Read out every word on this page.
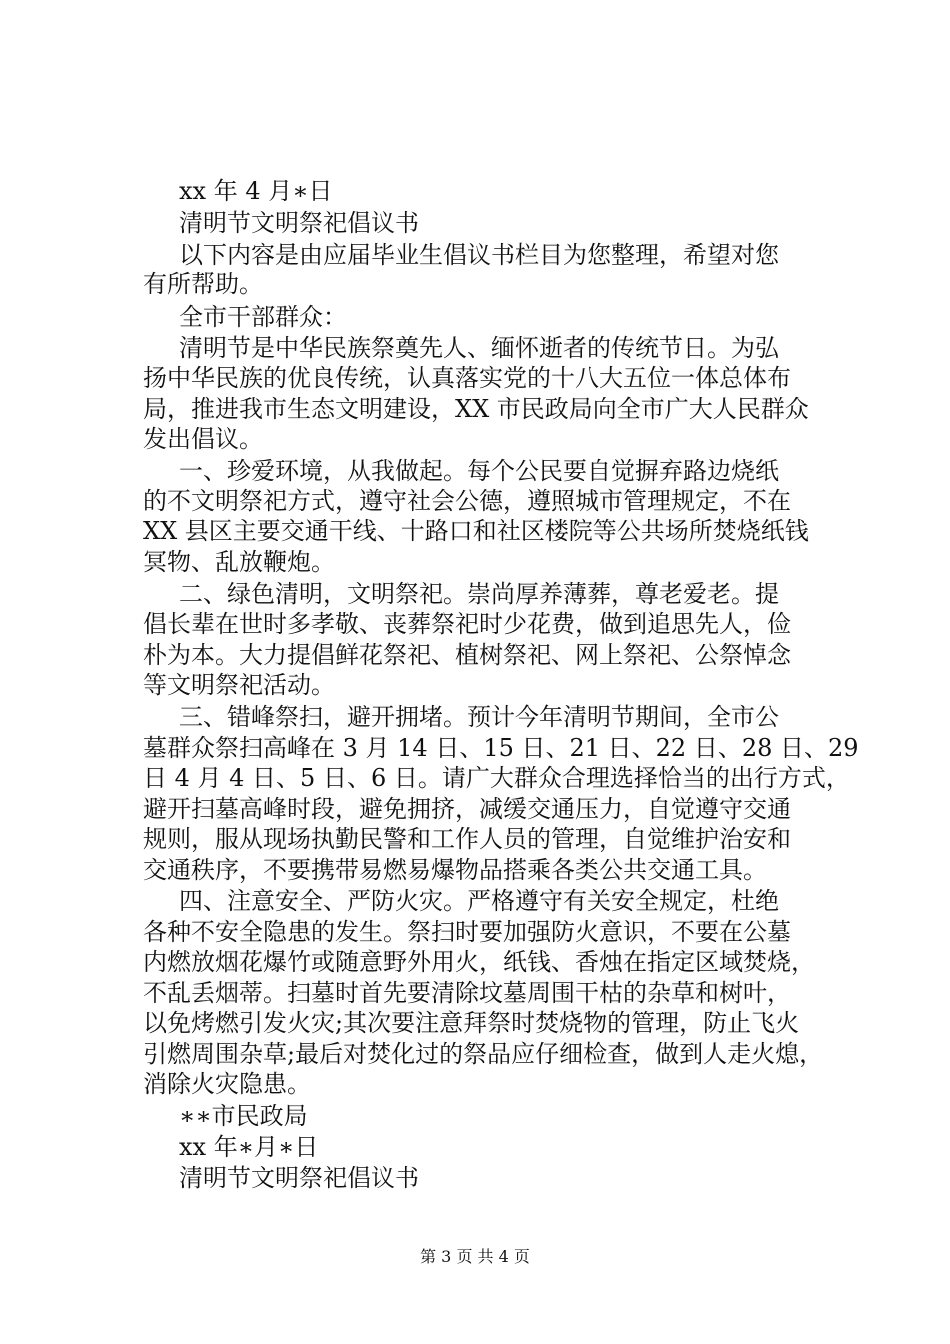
xx 年 4 月∗日

清明节文明祭祀倡议书

以下内容是由应届毕业生倡议书栏目为您整理，希望对您

有所帮助。

全市干部群众：

清明节是中华民族祭奠先人、缅怀逝者的传统节日。为弘

扬中华民族的优良传统，认真落实党的十八大五位一体总体布

局，推进我市生态文明建设，XX 市民政局向全市广大人民群众

发出倡议。

一、珍爱环境，从我做起。每个公民要自觉摒弃路边烧纸

的不文明祭祀方式，遵守社会公德，遵照城市管理规定，不在

XX 县区主要交通干线、十路口和社区楼院等公共场所焚烧纸钱

冥物、乱放鞭炮。

二、绿色清明，文明祭祀。崇尚厚养薄葬，尊老爱老。提

倡长辈在世时多孝敬、丧葬祭祀时少花费，做到追思先人，俭

朴为本。大力提倡鲜花祭祀、植树祭祀、网上祭祀、公祭悼念

等文明祭祀活动。

三、错峰祭扫，避开拥堵。预计今年清明节期间，全市公

墓群众祭扫高峰在 3 月 14 日、15 日、21 日、22 日、28 日、29

日 4 月 4 日、5 日、6 日。请广大群众合理选择恰当的出行方式，

避开扫墓高峰时段，避免拥挤，减缓交通压力，自觉遵守交通

规则，服从现场执勤民警和工作人员的管理，自觉维护治安和

交通秩序，不要携带易燃易爆物品搭乘各类公共交通工具。

四、注意安全、严防火灾。严格遵守有关安全规定，杜绝

各种不安全隐患的发生。祭扫时要加强防火意识，不要在公墓

内燃放烟花爆竹或随意野外用火，纸钱、香烛在指定区域焚烧，

不乱丢烟蒂。扫墓时首先要清除坟墓周围干枯的杂草和树叶，

以免烤燃引发火灾;其次要注意拜祭时焚烧物的管理，防止飞火

引燃周围杂草;最后对焚化过的祭品应仔细检查，做到人走火熄，

消除火灾隐患。

∗∗市民政局

xx 年∗月∗日

清明节文明祭祀倡议书

第 3 页 共 4 页
